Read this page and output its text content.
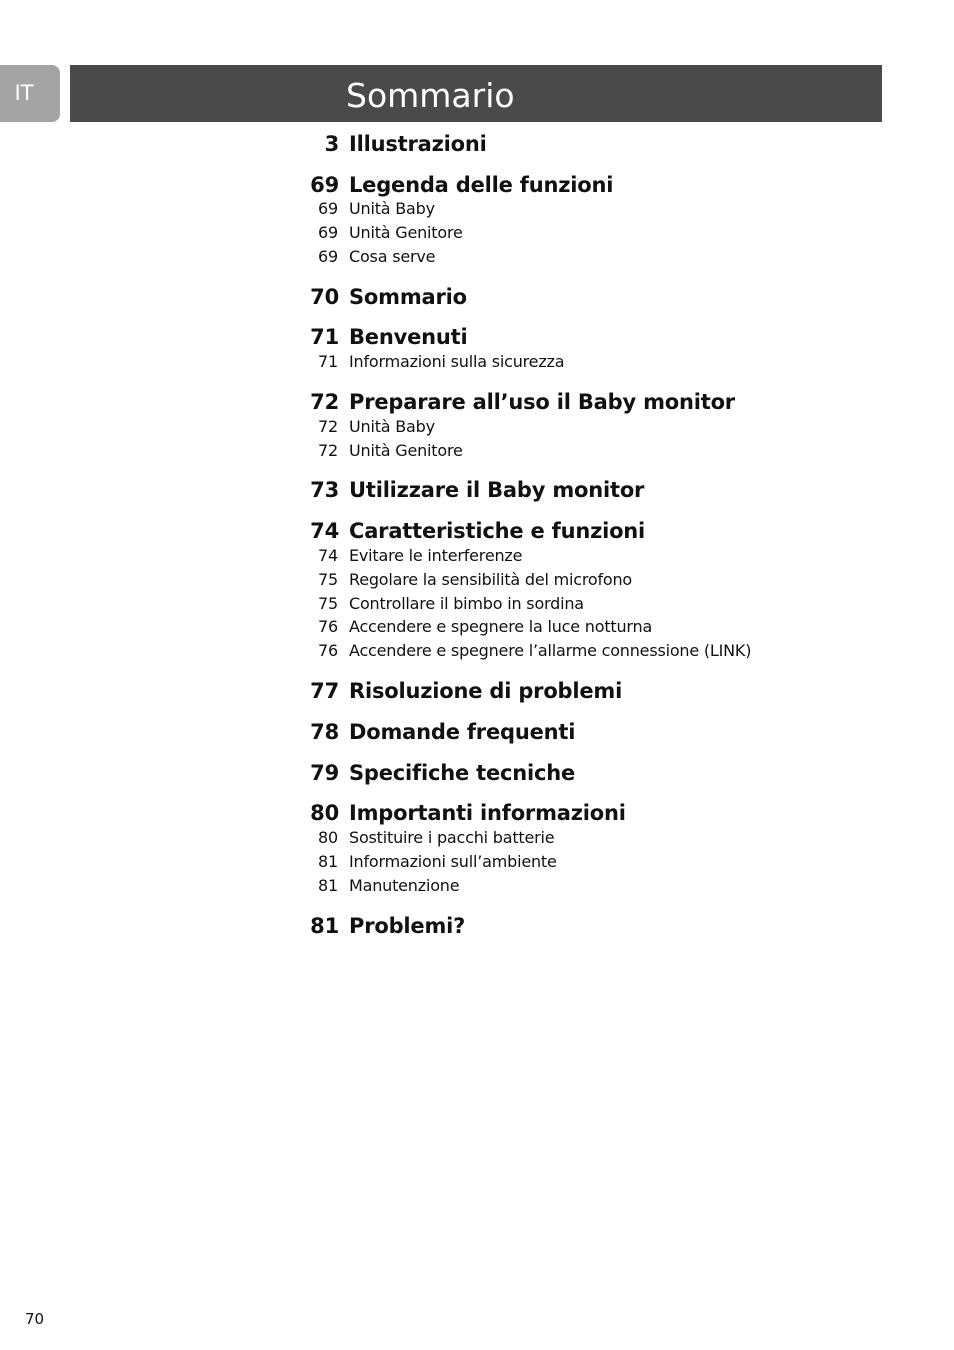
IT	Sommario
3 Illustrazioni
69 Legenda delle funzioni
69 Unità Baby
69 Unità Genitore
69 Cosa serve
70 Sommario
71 Benvenuti
71 Informazioni sulla sicurezza
72 Preparare all’uso il Baby monitor
72 Unità Baby
72 Unità Genitore
73 Utilizzare il Baby monitor
74 Caratteristiche e funzioni
74 Evitare le interferenze
75 Regolare la sensibilità del microfono
75 Controllare il bimbo in sordina
76 Accendere e spegnere la luce notturna
76 Accendere e spegnere l’allarme connessione (LINK)
77 Risoluzione di problemi
78 Domande frequenti
79 Specifiche tecniche
80 Importanti informazioni
80 Sostituire i pacchi batterie
81 Informazioni sull’ambiente
81 Manutenzione
81 Problemi?
70
